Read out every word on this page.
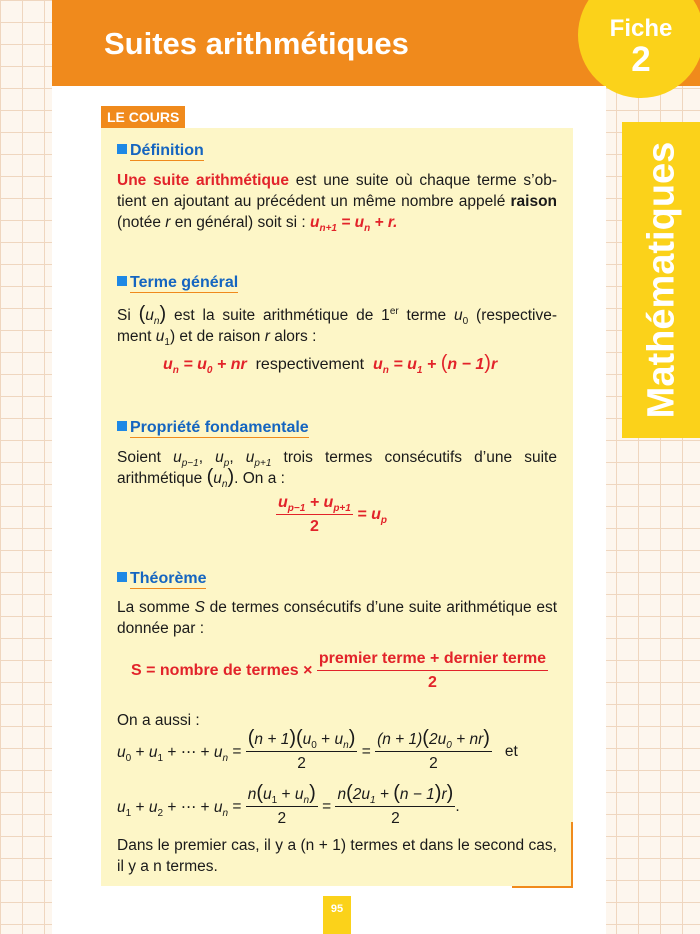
Suites arithmétiques	Fiche
2
Mathématiques
LE COURS
Définition
Une suite arithmétique est une suite où chaque terme s’ob- tient en ajoutant au précédent un même nombre appelé raison (notée r en général) soit si : $u_{n+1} = u_n + r$.
Terme général
Si $(u_n)$ est la suite arithmétique de 1er terme $u_0$ (respective- ment $u_1$) et de raison r alors :
$u_n = u_0$ + nr respectivement $u_n = u_1 + (n - 1)r$
Propriété fondamentale
Soient $u_{p-1}$, $u_p$, $u_{p+1}$ trois termes consécutifs d’une suite arithmétique $(u_n)$. On a :
$\frac{u_{p-1} + u_{p+1}}{2} = u_p$
Théorème
La somme S de termes consécutifs d’une suite arithmétique est donnée par :
S = nombre de termes × $\frac{\text{premier terme + dernier terme}}{2}$
On a aussi :
$u_0 + u_1$ + ⋯ + $u_n = \frac{(n + 1)(u_0 + u_n)}{2} = \frac{(n + 1)(2u_0 + nr)}{2}$ et
$u_1 + u_2$ + ⋯ + $u_n = \frac{n(u_1 + u_n)}{2} = \frac{n(2u_1 + (n - 1)r)}{2}$ .
Dans le premier cas, il y a (n + 1) termes et dans le second cas, il y a n termes.
95
